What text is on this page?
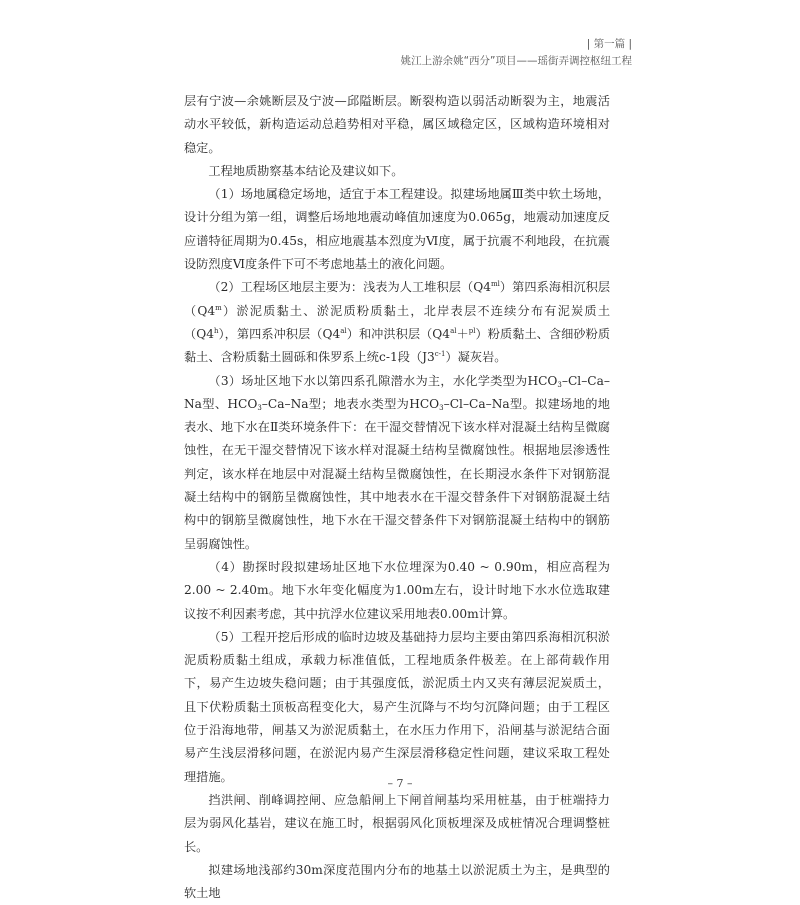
| 第一篇 |
姚江上游余姚“西分”项目——瑶街弄调控枢纽工程

层有宁波—余姚断层及宁波—邱隘断层。断裂构造以弱活动断裂为主，地震活动水平较低，新构造运动总趋势相对平稳，属区域稳定区，区域构造环境相对稳定。

工程地质勘察基本结论及建议如下。

（1）场地属稳定场地，适宜于本工程建设。拟建场地属Ⅲ类中软土场地，设计分组为第一组，调整后场地地震动峰值加速度为0.065g，地震动加速度反应谱特征周期为0.45s，相应地震基本烈度为Ⅵ度，属于抗震不利地段，在抗震设防烈度Ⅵ度条件下可不考虑地基土的液化问题。

（2）工程场区地层主要为：浅表为人工堆积层$(Q4^{ml})$第四系海相沉积层（Q4$^m$）淤泥质黏土、淤泥质粉质黏土，北岸表层不连续分布有泥炭质土（Q4$^h$），第四系冲积层$(Q4^{al})$和冲洪积层$(Q4^{al}+^{pl})$粉质黏土、含细砂粉质黏土、含粉质黏土圆砾和侏罗系上统c-1段（J3$^{c-1}$）凝灰岩。

（3）场址区地下水以第四系孔隙潜水为主，水化学类型为$HCO_3-Cl-Ca-Na$型、$HCO_3-Ca-Na$型；地表水类型为$HCO_3-Cl-Ca-Na$型。拟建场地的地表水、地下水在Ⅱ类环境条件下：在干湿交替情况下该水样对混凝土结构呈微腐蚀性，在无干湿交替情况下该水样对混凝土结构呈微腐蚀性。根据地层渗透性判定，该水样在地层中对混凝土结构呈微腐蚀性，在长期浸水条件下对钢筋混凝土结构中的钢筋呈微腐蚀性，其中地表水在干湿交替条件下对钢筋混凝土结构中的钢筋呈微腐蚀性，地下水在干湿交替条件下对钢筋混凝土结构中的钢筋呈弱腐蚀性。

（4）勘探时段拟建场址区地下水位埋深为0.40 ~ 0.90m，相应高程为2.00 ~ 2.40m。地下水年变化幅度为1.00m左右，设计时地下水水位选取建议按不利因素考虑，其中抗浮水位建议采用地表0.00m计算。

（5）工程开挖后形成的临时边坡及基础持力层均主要由第四系海相沉积淤泥质粉质黏土组成，承载力标准值低，工程地质条件极差。在上部荷载作用下，易产生边坡失稳问题；由于其强度低，淤泥质土内又夹有薄层泥炭质土，且下伏粉质黏土顶板高程变化大，易产生沉降与不均匀沉降问题；由于工程区位于沿海地带，闸基又为淤泥质黏土，在水压力作用下，沿闸基与淤泥结合面易产生浅层滑移问题，在淤泥内易产生深层滑移稳定性问题，建议采取工程处理措施。

挡洪闸、削峰调控闸、应急船闸上下闸首闸基均采用桩基，由于桩端持力层为弱风化基岩，建议在施工时，根据弱风化顶板埋深及成桩情况合理调整桩长。

拟建场地浅部约30m深度范围内分布的地基土以淤泥质土为主，是典型的软土地

– 7 –
